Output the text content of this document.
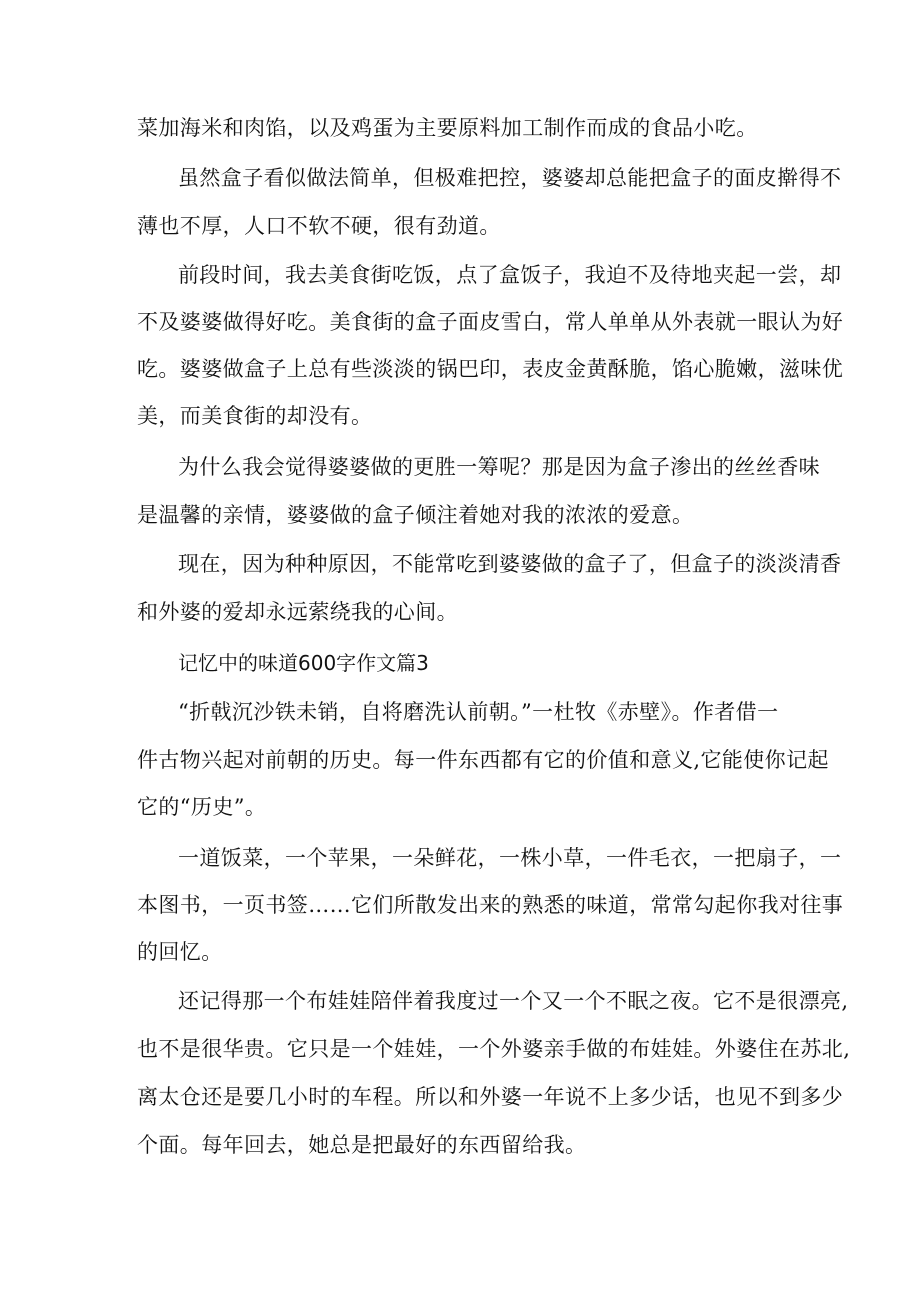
菜加海米和肉馅，以及鸡蛋为主要原料加工制作而成的食品小吃。
虽然盒子看似做法简单，但极难把控，婆婆却总能把盒子的面皮擀得不
薄也不厚，人口不软不硬，很有劲道。
前段时间，我去美食街吃饭，点了盒饭子，我迫不及待地夹起一尝，却
不及婆婆做得好吃。美食街的盒子面皮雪白，常人单单从外表就一眼认为好
吃。婆婆做盒子上总有些淡淡的锅巴印，表皮金黄酥脆，馅心脆嫩，滋味优
美，而美食街的却没有。
为什么我会觉得婆婆做的更胜一筹呢？那是因为盒子渗出的丝丝香味
是温馨的亲情，婆婆做的盒子倾注着她对我的浓浓的爱意。
现在，因为种种原因，不能常吃到婆婆做的盒子了，但盒子的淡淡清香
和外婆的爱却永远萦绕我的心间。
记忆中的味道600字作文篇3
“折戟沉沙铁未销，自将磨洗认前朝。”一杜牧《赤壁》。作者借一
件古物兴起对前朝的历史。每一件东西都有它的价值和意义,它能使你记起
它的“历史”。
一道饭菜，一个苹果，一朵鲜花，一株小草，一件毛衣，一把扇子，一
本图书，一页书签……它们所散发出来的熟悉的味道，常常勾起你我对往事
的回忆。
还记得那一个布娃娃陪伴着我度过一个又一个不眠之夜。它不是很漂亮,
也不是很华贵。它只是一个娃娃，一个外婆亲手做的布娃娃。外婆住在苏北,
离太仓还是要几小时的车程。所以和外婆一年说不上多少话，也见不到多少
个面。每年回去，她总是把最好的东西留给我。
